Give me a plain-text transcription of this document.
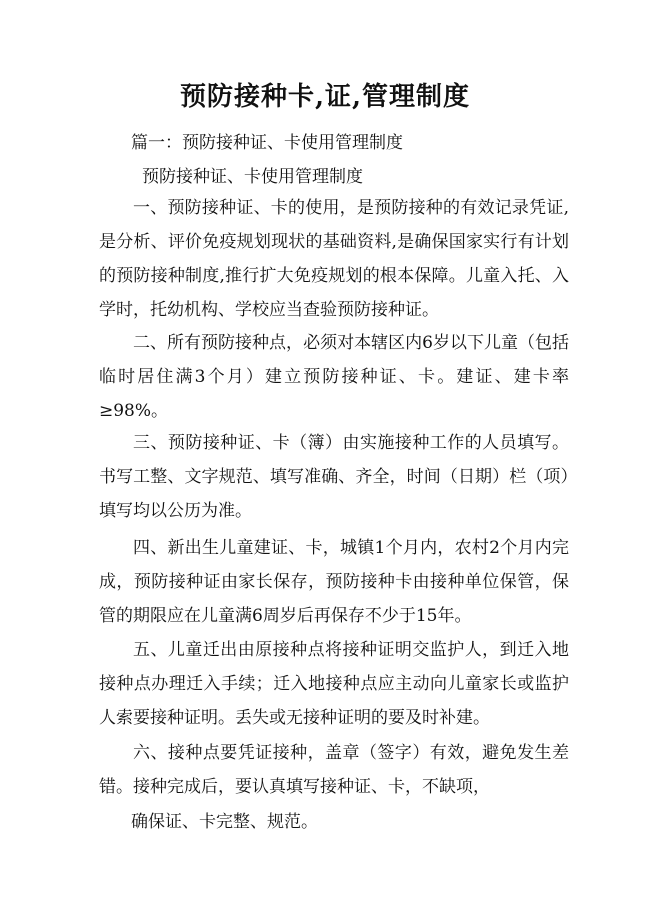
预防接种卡,证,管理制度

篇一：预防接种证、卡使用管理制度

预防接种证、卡使用管理制度

一、预防接种证、卡的使用，是预防接种的有效记录凭证,是分析、评价免疫规划现状的基础资料,是确保国家实行有计划的预防接种制度,推行扩大免疫规划的根本保障。儿童入托、入学时，托幼机构、学校应当查验预防接种证。

二、所有预防接种点，必须对本辖区内6岁以下儿童（包括临时居住满3个月）建立预防接种证、卡。建证、建卡率≥98%。

三、预防接种证、卡（簿）由实施接种工作的人员填写。书写工整、文字规范、填写准确、齐全，时间（日期）栏（项）填写均以公历为准。

四、新出生儿童建证、卡，城镇1个月内，农村2个月内完成，预防接种证由家长保存，预防接种卡由接种单位保管，保管的期限应在儿童满6周岁后再保存不少于15年。

五、儿童迁出由原接种点将接种证明交监护人，到迁入地接种点办理迁入手续；迁入地接种点应主动向儿童家长或监护人索要接种证明。丢失或无接种证明的要及时补建。

六、接种点要凭证接种，盖章（签字）有效，避免发生差错。接种完成后，要认真填写接种证、卡，不缺项，

确保证、卡完整、规范。
